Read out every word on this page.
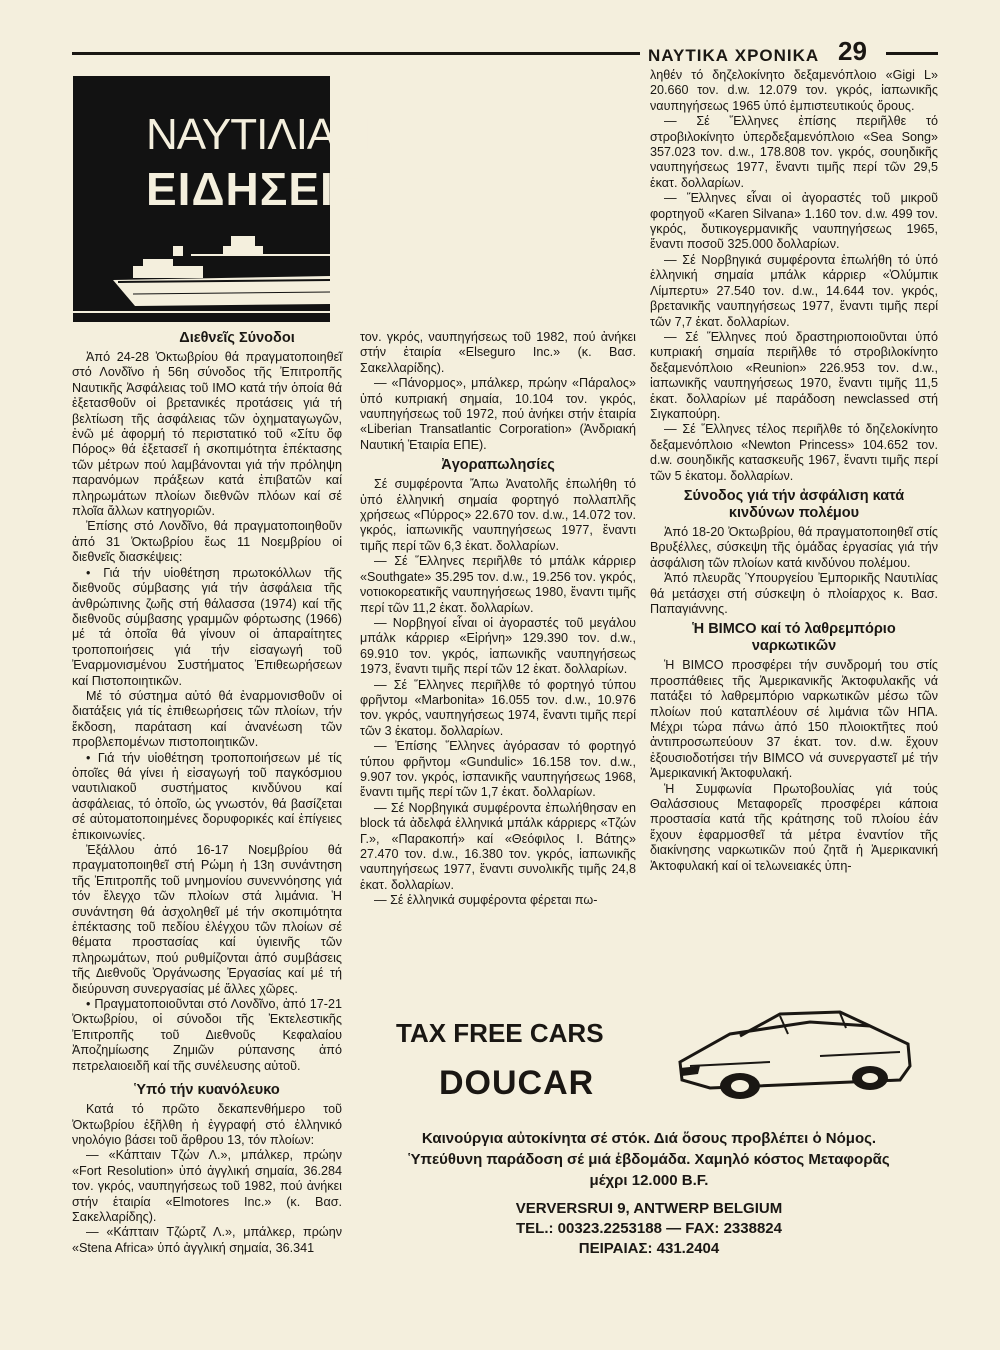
ΝΑΥΤΙΚΑ ΧΡΟΝΙΚΑ 29
ΝΑΥΤΙΛΙΑΚΕΣ
ΕΙΔΗΣΕΙΣ

Διεθνεῖς Σύνοδοι

Ἀπό 24-28 Ὀκτωβρίου θά πραγματοποιηθεῖ στό Λονδῖνο ἡ 56η σύνοδος τῆς Ἐπιτροπῆς Ναυτικῆς Ἀσφάλειας τοῦ ΙΜΟ κατά τήν ὁποία θά ἐξετασθοῦν οἱ βρετανικές προτάσεις γιά τή βελτίωση τῆς ἀσφάλειας τῶν ὀχηματαγωγῶν, ἐνῶ μέ ἀφορμή τό περιστατικό τοῦ «Σίτυ ὄφ Πόρος» θά ἐξετασεῖ ἡ σκοπιμότητα ἐπέκτασης τῶν μέτρων πού λαμβάνονται γιά τήν πρόληψη παρανόμων πράξεων κατά ἐπιβατῶν καί πληρωμάτων πλοίων διεθνῶν πλόων καί σέ πλοῖα ἄλλων κατηγοριῶν.

Ἐπίσης στό Λονδῖνο, θά πραγματοποιηθοῦν ἀπό 31 Ὀκτωβρίου ἕως 11 Νοεμβρίου οἱ διεθνεῖς διασκέψεις:

• Γιά τήν υἱοθέτηση πρωτοκόλλων τῆς διεθνοῦς σύμβασης γιά τήν ἀσφάλεια τῆς ἀνθρώπινης ζωῆς στή θάλασσα (1974) καί τῆς διεθνοῦς σύμβασης γραμμῶν φόρτωσης (1966) μέ τά ὁποῖα θά γίνουν οἱ ἀπαραίτητες τροποποιήσεις γιά τήν εἰσαγωγή τοῦ Ἐναρμονισμένου Συστήματος Ἐπιθεωρήσεων καί Πιστοποιητικῶν.

Μέ τό σύστημα αὐτό θά ἐναρμονισθοῦν οἱ διατάξεις γιά τίς ἐπιθεωρήσεις τῶν πλοίων, τήν ἔκδοση, παράταση καί ἀνανέωση τῶν προβλεπομένων πιστοποιητικῶν.

• Γιά τήν υἱοθέτηση τροποποιήσεων μέ τίς ὁποῖες θά γίνει ἡ εἰσαγωγή τοῦ παγκόσμιου ναυτιλιακοῦ συστήματος κινδύνου καί ἀσφάλειας, τό ὁποῖο, ὡς γνωστόν, θά βασίζεται σέ αὐτοματοποιημένες δορυφορικές καί ἐπίγειες ἐπικοινωνίες.

Ἐξάλλου ἀπό 16-17 Νοεμβρίου θά πραγματοποιηθεῖ στή Ρώμη ἡ 13η συνάντηση τῆς Ἐπιτροπῆς τοῦ μνημονίου συνεννόησης γιά τόν ἔλεγχο τῶν πλοίων στά λιμάνια. Ἡ συνάντηση θά ἀσχοληθεῖ μέ τήν σκοπιμότητα ἐπέκτασης τοῦ πεδίου ἐλέγχου τῶν πλοίων σέ θέματα προστασίας καί ὑγιεινῆς τῶν πληρωμάτων, πού ρυθμίζονται ἀπό συμβάσεις τῆς Διεθνοῦς Ὀργάνωσης Ἐργασίας καί μέ τή διεύρυνση συνεργασίας μέ ἄλλες χῶρες.

• Πραγματοποιοῦνται στό Λονδῖνο, ἀπό 17-21 Ὀκτωβρίου, οἱ σύνοδοι τῆς Ἐκτελεστικῆς Ἐπιτροπῆς τοῦ Διεθνοῦς Κεφαλαίου Ἀποζημίωσης Ζημιῶν ρύπανσης ἀπό πετρελαιοειδῆ καί τῆς συνέλευσης αὐτοῦ.

Ὑπό τήν κυανόλευκο

Κατά τό πρῶτο δεκαπενθήμερο τοῦ Ὀκτωβρίου ἐξῆλθη ἡ ἐγγραφή στό ἑλληνικό νηολόγιο βάσει τοῦ ἄρθρου 13, τόν πλοίων:

— «Κάπταιν Τζών Λ.», μπάλκερ, πρώην «Fort Resolution» ὑπό ἀγγλική σημαία, 36.284 τον. γκρός, ναυπηγήσεως τοῦ 1982, πού ἀνήκει στήν ἑταιρία «Elmotores Inc.» (κ. Βασ. Σακελλαρίδης).

— «Κάπταιν Τζώρτζ Λ.», μπάλκερ, πρώην «Stena Africa» ὑπό ἀγγλική σημαία, 36.341

τον. γκρός, ναυπηγήσεως τοῦ 1982, πού ἀνήκει στήν ἑταιρία «Elseguro Inc.» (κ. Βασ. Σακελλαρίδης).

— «Πάνορμος», μπάλκερ, πρώην «Πάραλος» ὑπό κυπριακή σημαία, 10.104 τον. γκρός, ναυπηγήσεως τοῦ 1972, πού ἀνήκει στήν ἑταιρία «Liberian Transatlantic Corporation» (Ἀνδριακή Ναυτική Ἑταιρία ΕΠΕ).

Ἀγοραπωλησίες

Σέ συμφέροντα Ἄπω Ἀνατολῆς ἐπωλήθη τό ὑπό ἑλληνική σημαία φορτηγό πολλαπλῆς χρήσεως «Πύρρος» 22.670 τον. d.w., 14.072 τον. γκρός, ἰαπωνικῆς ναυπηγήσεως 1977, ἔναντι τιμῆς περί τῶν 6,3 ἑκατ. δολλαρίων.

— Σέ Ἕλληνες περιῆλθε τό μπάλκ κάρριερ «Southgate» 35.295 τον. d.w., 19.256 τον. γκρός, νοτιοκορεατικῆς ναυπηγήσεως 1980, ἔναντι τιμῆς περί τῶν 11,2 ἑκατ. δολλαρίων.

— Νορβηγοί εἶναι οἱ ἀγοραστές τοῦ μεγάλου μπάλκ κάρριερ «Εἰρήνη» 129.390 τον. d.w., 69.910 τον. γκρός, ἰαπωνικῆς ναυπηγήσεως 1973, ἔναντι τιμῆς περί τῶν 12 ἑκατ. δολλαρίων.

— Σέ Ἕλληνες περιῆλθε τό φορτηγό τύπου φρῆντομ «Marbonita» 16.055 τον. d.w., 10.976 τον. γκρός, ναυπηγήσεως 1974, ἔναντι τιμῆς περί τῶν 3 ἑκατομ. δολλαρίων.

— Ἐπίσης Ἕλληνες ἀγόρασαν τό φορτηγό τύπου φρῆντομ «Gundulic» 16.158 τον. d.w., 9.907 τον. γκρός, ἰσπανικῆς ναυπηγήσεως 1968, ἔναντι τιμῆς περί τῶν 1,7 ἑκατ. δολλαρίων.

— Σέ Νορβηγικά συμφέροντα ἐπωλήθησαν en block τά ἀδελφά ἑλληνικά μπάλκ κάρριερς «Τζών Γ.», «Παρακοπή» καί «Θεόφιλος Ι. Βάτης» 27.470 τον. d.w., 16.380 τον. γκρός, ἰαπωνικῆς ναυπηγήσεως 1977, ἔναντι συνολικῆς τιμῆς 24,8 ἑκατ. δολλαρίων.

— Σέ ἑλληνικά συμφέροντα φέρεται πω-

ληθέν τό δηζελοκίνητο δεξαμενόπλοιο «Gigi L» 20.660 τον. d.w. 12.079 τον. γκρός, ἰαπωνικῆς ναυπηγήσεως 1965 ὑπό ἐμπιστευτικούς ὅρους.

— Σέ Ἕλληνες ἐπίσης περιῆλθε τό στροβιλοκίνητο ὑπερδεξαμενόπλοιο «Sea Song» 357.023 τον. d.w., 178.808 τον. γκρός, σουηδικῆς ναυπηγήσεως 1977, ἔναντι τιμῆς περί τῶν 29,5 ἑκατ. δολλαρίων.

— Ἕλληνες εἶναι οἱ ἀγοραστές τοῦ μικροῦ φορτηγοῦ «Karen Silvana» 1.160 τον. d.w. 499 τον. γκρός, δυτικογερμανικῆς ναυπηγήσεως 1965, ἔναντι ποσοῦ 325.000 δολλαρίων.

— Σέ Νορβηγικά συμφέροντα ἐπωλήθη τό ὑπό ἑλληνική σημαία μπάλκ κάρριερ «Ὀλύμπικ Λίμπερτυ» 27.540 τον. d.w., 14.644 τον. γκρός, βρετανικῆς ναυπηγήσεως 1977, ἔναντι τιμῆς περί τῶν 7,7 ἑκατ. δολλαρίων.

— Σέ Ἕλληνες πού δραστηριοποιοῦνται ὑπό κυπριακή σημαία περιῆλθε τό στροβιλοκίνητο δεξαμενόπλοιο «Reunion» 226.953 τον. d.w., ἰαπωνικῆς ναυπηγήσεως 1970, ἔναντι τιμῆς 11,5 ἑκατ. δολλαρίων μέ παράδοση newclassed στή Σιγκαπούρη.

— Σέ Ἕλληνες τέλος περιῆλθε τό δηζελοκίνητο δεξαμενόπλοιο «Newton Princess» 104.652 τον. d.w. σουηδικῆς κατασκευῆς 1967, ἔναντι τιμῆς περί τῶν 5 ἑκατομ. δολλαρίων.

Σύνοδος γιά τήν ἀσφάλιση κατά κινδύνων πολέμου

Ἀπό 18-20 Ὀκτωβρίου, θά πραγματοποιηθεῖ στίς Βρυξέλλες, σύσκεψη τῆς ὁμάδας ἐργασίας γιά τήν ἀσφάλιση τῶν πλοίων κατά κινδύνου πολέμου.

Ἀπό πλευρᾶς Ὑπουργείου Ἐμπορικῆς Ναυτιλίας θά μετάσχει στή σύσκεψη ὁ πλοίαρχος κ. Βασ. Παπαγιάννης.

Ἡ BIMCO καί τό λαθρεμπόριο ναρκωτικῶν

Ἡ BIMCO προσφέρει τήν συνδρομή του στίς προσπάθειες τῆς Ἀμερικανικῆς Ἀκτοφυλακῆς νά πατάξει τό λαθρεμπόριο ναρκωτικῶν μέσω τῶν πλοίων πού καταπλέουν σέ λιμάνια τῶν ΗΠΑ. Μέχρι τώρα πάνω ἀπό 150 πλοιοκτῆτες πού ἀντιπροσωπεύουν 37 ἑκατ. τον. d.w. ἔχουν ἐξουσιοδοτήσει τήν BIMCO νά συνεργαστεῖ μέ τήν Ἀμερικανική Ἀκτοφυλακή.

Ἡ Συμφωνία Πρωτοβουλίας γιά τούς Θαλάσσιους Μεταφορεῖς προσφέρει κάποια προστασία κατά τῆς κράτησης τοῦ πλοίου ἐάν ἔχουν ἐφαρμοσθεῖ τά μέτρα ἐναντίον τῆς διακίνησης ναρκωτικῶν πού ζητᾶ ἡ Ἀμερικανική Ἀκτοφυλακή καί οἱ τελωνειακές ὑπη-

TAX FREE CARS
DOUCAR
Καινούργια αὐτοκίνητα σέ στόκ. Διά ὅσους προβλέπει ὁ Νόμος.
Ὑπεύθυνη παράδοση σέ μιά ἑβδομάδα. Χαμηλό κόστος Μεταφορᾶς
μέχρι 12.000 B.F.
VERVERSRUI 9, ANTWERP BELGIUM
TEL.: 00323.2253188 — FAX: 2338824
ΠΕΙΡΑΙΑΣ: 431.2404
